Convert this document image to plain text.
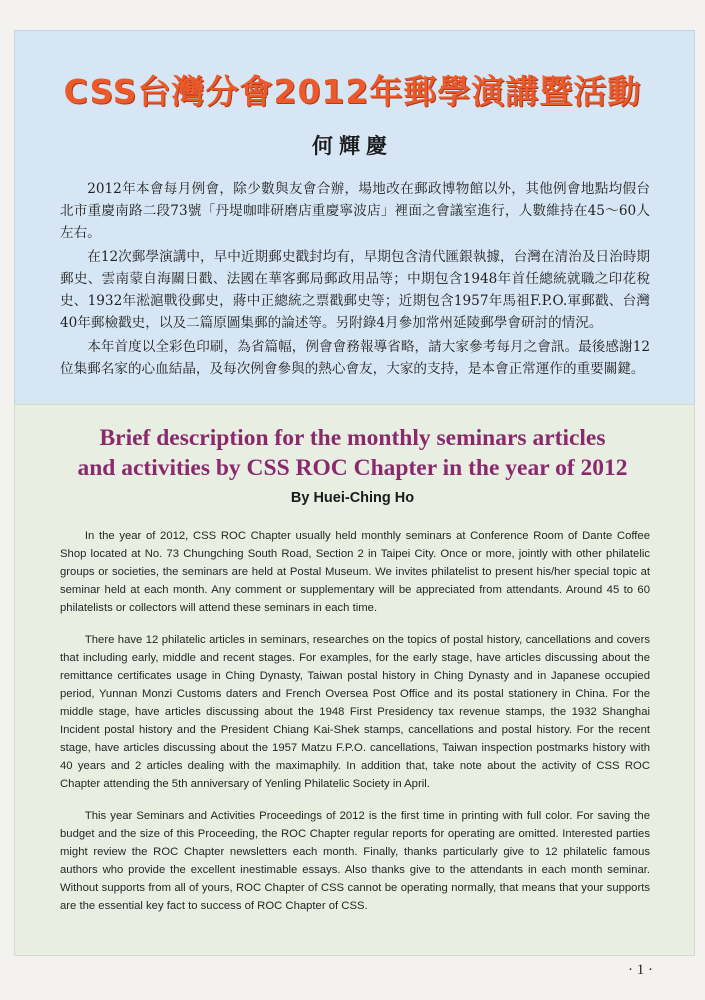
CSS台灣分會2012年郵學演講暨活動
何輝慶

2012年本會每月例會，除少數與友會合辦，場地改在郵政博物館以外，其他例會地點均假台北市重慶南路二段73號「丹堤咖啡研磨店重慶寧波店」裡面之會議室進行，人數維持在45～60人左右。

在12次郵學演講中，早中近期郵史戳封均有，早期包含清代匯銀執據，台灣在清治及日治時期郵史、雲南蒙自海關日戳、法國在華客郵局郵政用品等；中期包含1948年首任總統就職之印花稅史、1932年淞滬戰役郵史，蔣中正總統之票戳郵史等；近期包含1957年馬祖F.P.O.軍郵戳、台灣40年郵檢戳史，以及二篇原圖集郵的論述等。另附錄4月參加常州延陵郵學會研討的情況。

本年首度以全彩色印刷，為省篇幅，例會會務報導省略，請大家參考每月之會訊。最後感謝12位集郵名家的心血結晶，及每次例會參與的熱心會友，大家的支持，是本會正常運作的重要關鍵。

Brief description for the monthly seminars articles
and activities by CSS ROC Chapter in the year of 2012
By Huei-Ching Ho

In the year of 2012, CSS ROC Chapter usually held monthly seminars at Conference Room of Dante Coffee Shop located at No. 73 Chungching South Road, Section 2 in Taipei City. Once or more, jointly with other philatelic groups or societies, the seminars are held at Postal Museum. We invites philatelist to present his/her special topic at seminar held at each month. Any comment or supplementary will be appreciated from attendants. Around 45 to 60 philatelists or collectors will attend these seminars in each time.

There have 12 philatelic articles in seminars, researches on the topics of postal history, cancellations and covers that including early, middle and recent stages. For examples, for the early stage, have articles discussing about the remittance certificates usage in Ching Dynasty, Taiwan postal history in Ching Dynasty and in Japanese occupied period, Yunnan Monzi Customs daters and French Oversea Post Office and its postal stationery in China. For the middle stage, have articles discussing about the 1948 First Presidency tax revenue stamps, the 1932 Shanghai Incident postal history and the President Chiang Kai-Shek stamps, cancellations and postal history. For the recent stage, have articles discussing about the 1957 Matzu F.P.O. cancellations, Taiwan inspection postmarks history with 40 years and 2 articles dealing with the maximaphily. In addition that, take note about the activity of CSS ROC Chapter attending the 5th anniversary of Yenling Philatelic Society in April.

This year Seminars and Activities Proceedings of 2012 is the first time in printing with full color. For saving the budget and the size of this Proceeding, the ROC Chapter regular reports for operating are omitted. Interested parties might review the ROC Chapter newsletters each month. Finally, thanks particularly give to 12 philatelic famous authors who provide the excellent inestimable essays. Also thanks give to the attendants in each month seminar. Without supports from all of yours, ROC Chapter of CSS cannot be operating normally, that means that your supports are the essential key fact to success of ROC Chapter of CSS.

· 1 ·
